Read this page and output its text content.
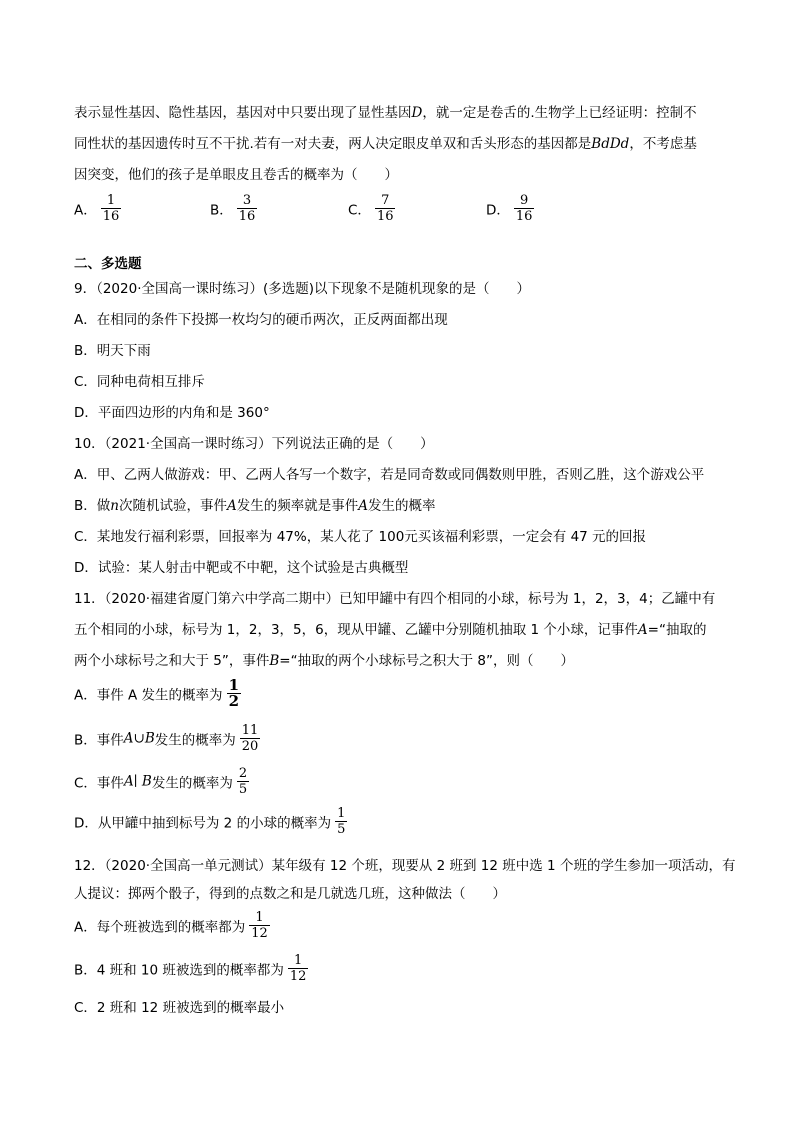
表示显性基因、隐性基因，基因对中只要出现了显性基因D，就一定是卷舌的.生物学上已经证明：控制不
同性状的基因遗传时互不干扰.若有一对夫妻，两人决定眼皮单双和舌头形态的基因都是BdDd，不考虑基
因突变，他们的孩子是单眼皮且卷舌的概率为（　　）
A． $\frac{1}{16}$	B． $\frac{3}{16}$	C． $\frac{7}{16}$	D． $\frac{9}{16}$
二、多选题
9．（2020·全国高一课时练习）(多选题)以下现象不是随机现象的是（　　）
A．在相同的条件下投掷一枚均匀的硬币两次，正反两面都出现
B．明天下雨
C．同种电荷相互排斥
D．平面四边形的内角和是 360°
10．（2021·全国高一课时练习）下列说法正确的是（　　）
A．甲、乙两人做游戏：甲、乙两人各写一个数字，若是同奇数或同偶数则甲胜，否则乙胜，这个游戏公平
B．做n次随机试验，事件A发生的频率就是事件A发生的概率
C．某地发行福利彩票，回报率为 47%，某人花了 100元买该福利彩票，一定会有 47 元的回报
D．试验：某人射击中靶或不中靶，这个试验是古典概型
11．（2020·福建省厦门第六中学高二期中）已知甲罐中有四个相同的小球，标号为 1，2，3，4；乙罐中有
五个相同的小球，标号为 1，2，3，5，6，现从甲罐、乙罐中分别随机抽取 1 个小球，记事件A=“抽取的
两个小球标号之和大于 5”，事件B=“抽取的两个小球标号之积大于 8”，则（　　）
A．事件 A 发生的概率为 $\frac{1}{2}$
B．事件A∪B发生的概率为 $\frac{11}{20}$
C．事件A∣ B发生的概率为 $\frac{2}{5}$
D．从甲罐中抽到标号为 2 的小球的概率为 $\frac{1}{5}$
12．（2020·全国高一单元测试）某年级有 12 个班，现要从 2 班到 12 班中选 1 个班的学生参加一项活动，有
人提议：掷两个骰子，得到的点数之和是几就选几班，这种做法（　　）
A．每个班被选到的概率都为 $\frac{1}{12}$
B．4 班和 10 班被选到的概率都为 $\frac{1}{12}$
C．2 班和 12 班被选到的概率最小
